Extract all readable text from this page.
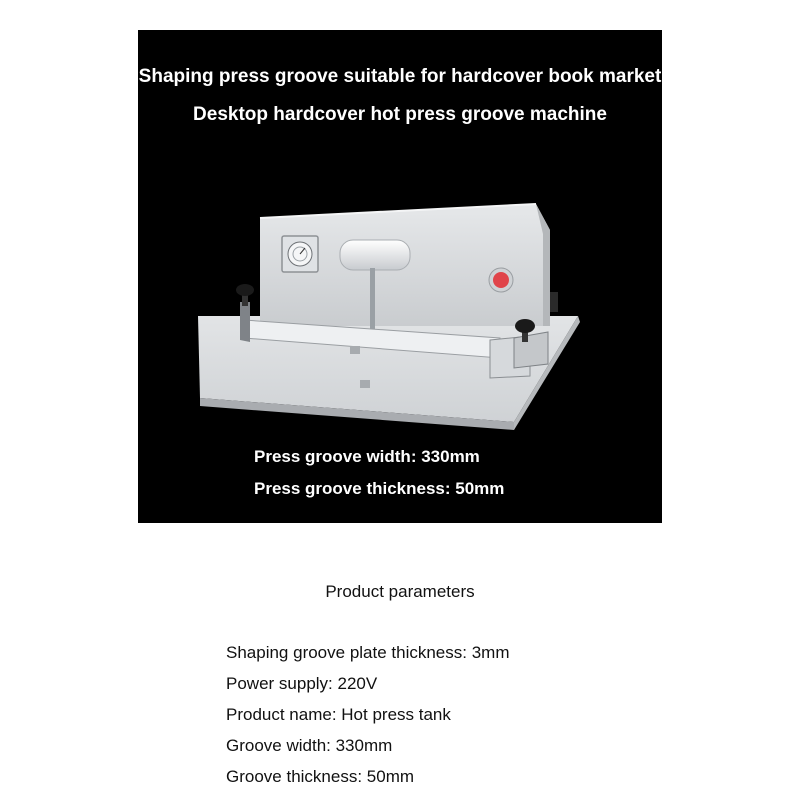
Shaping press groove suitable for hardcover book market
Desktop hardcover hot press groove machine
Press groove width: 330mm
Press groove thickness: 50mm
Product parameters
Shaping groove plate thickness: 3mm
Power supply: 220V
Product name: Hot press tank
Groove width: 330mm
Groove thickness: 50mm
